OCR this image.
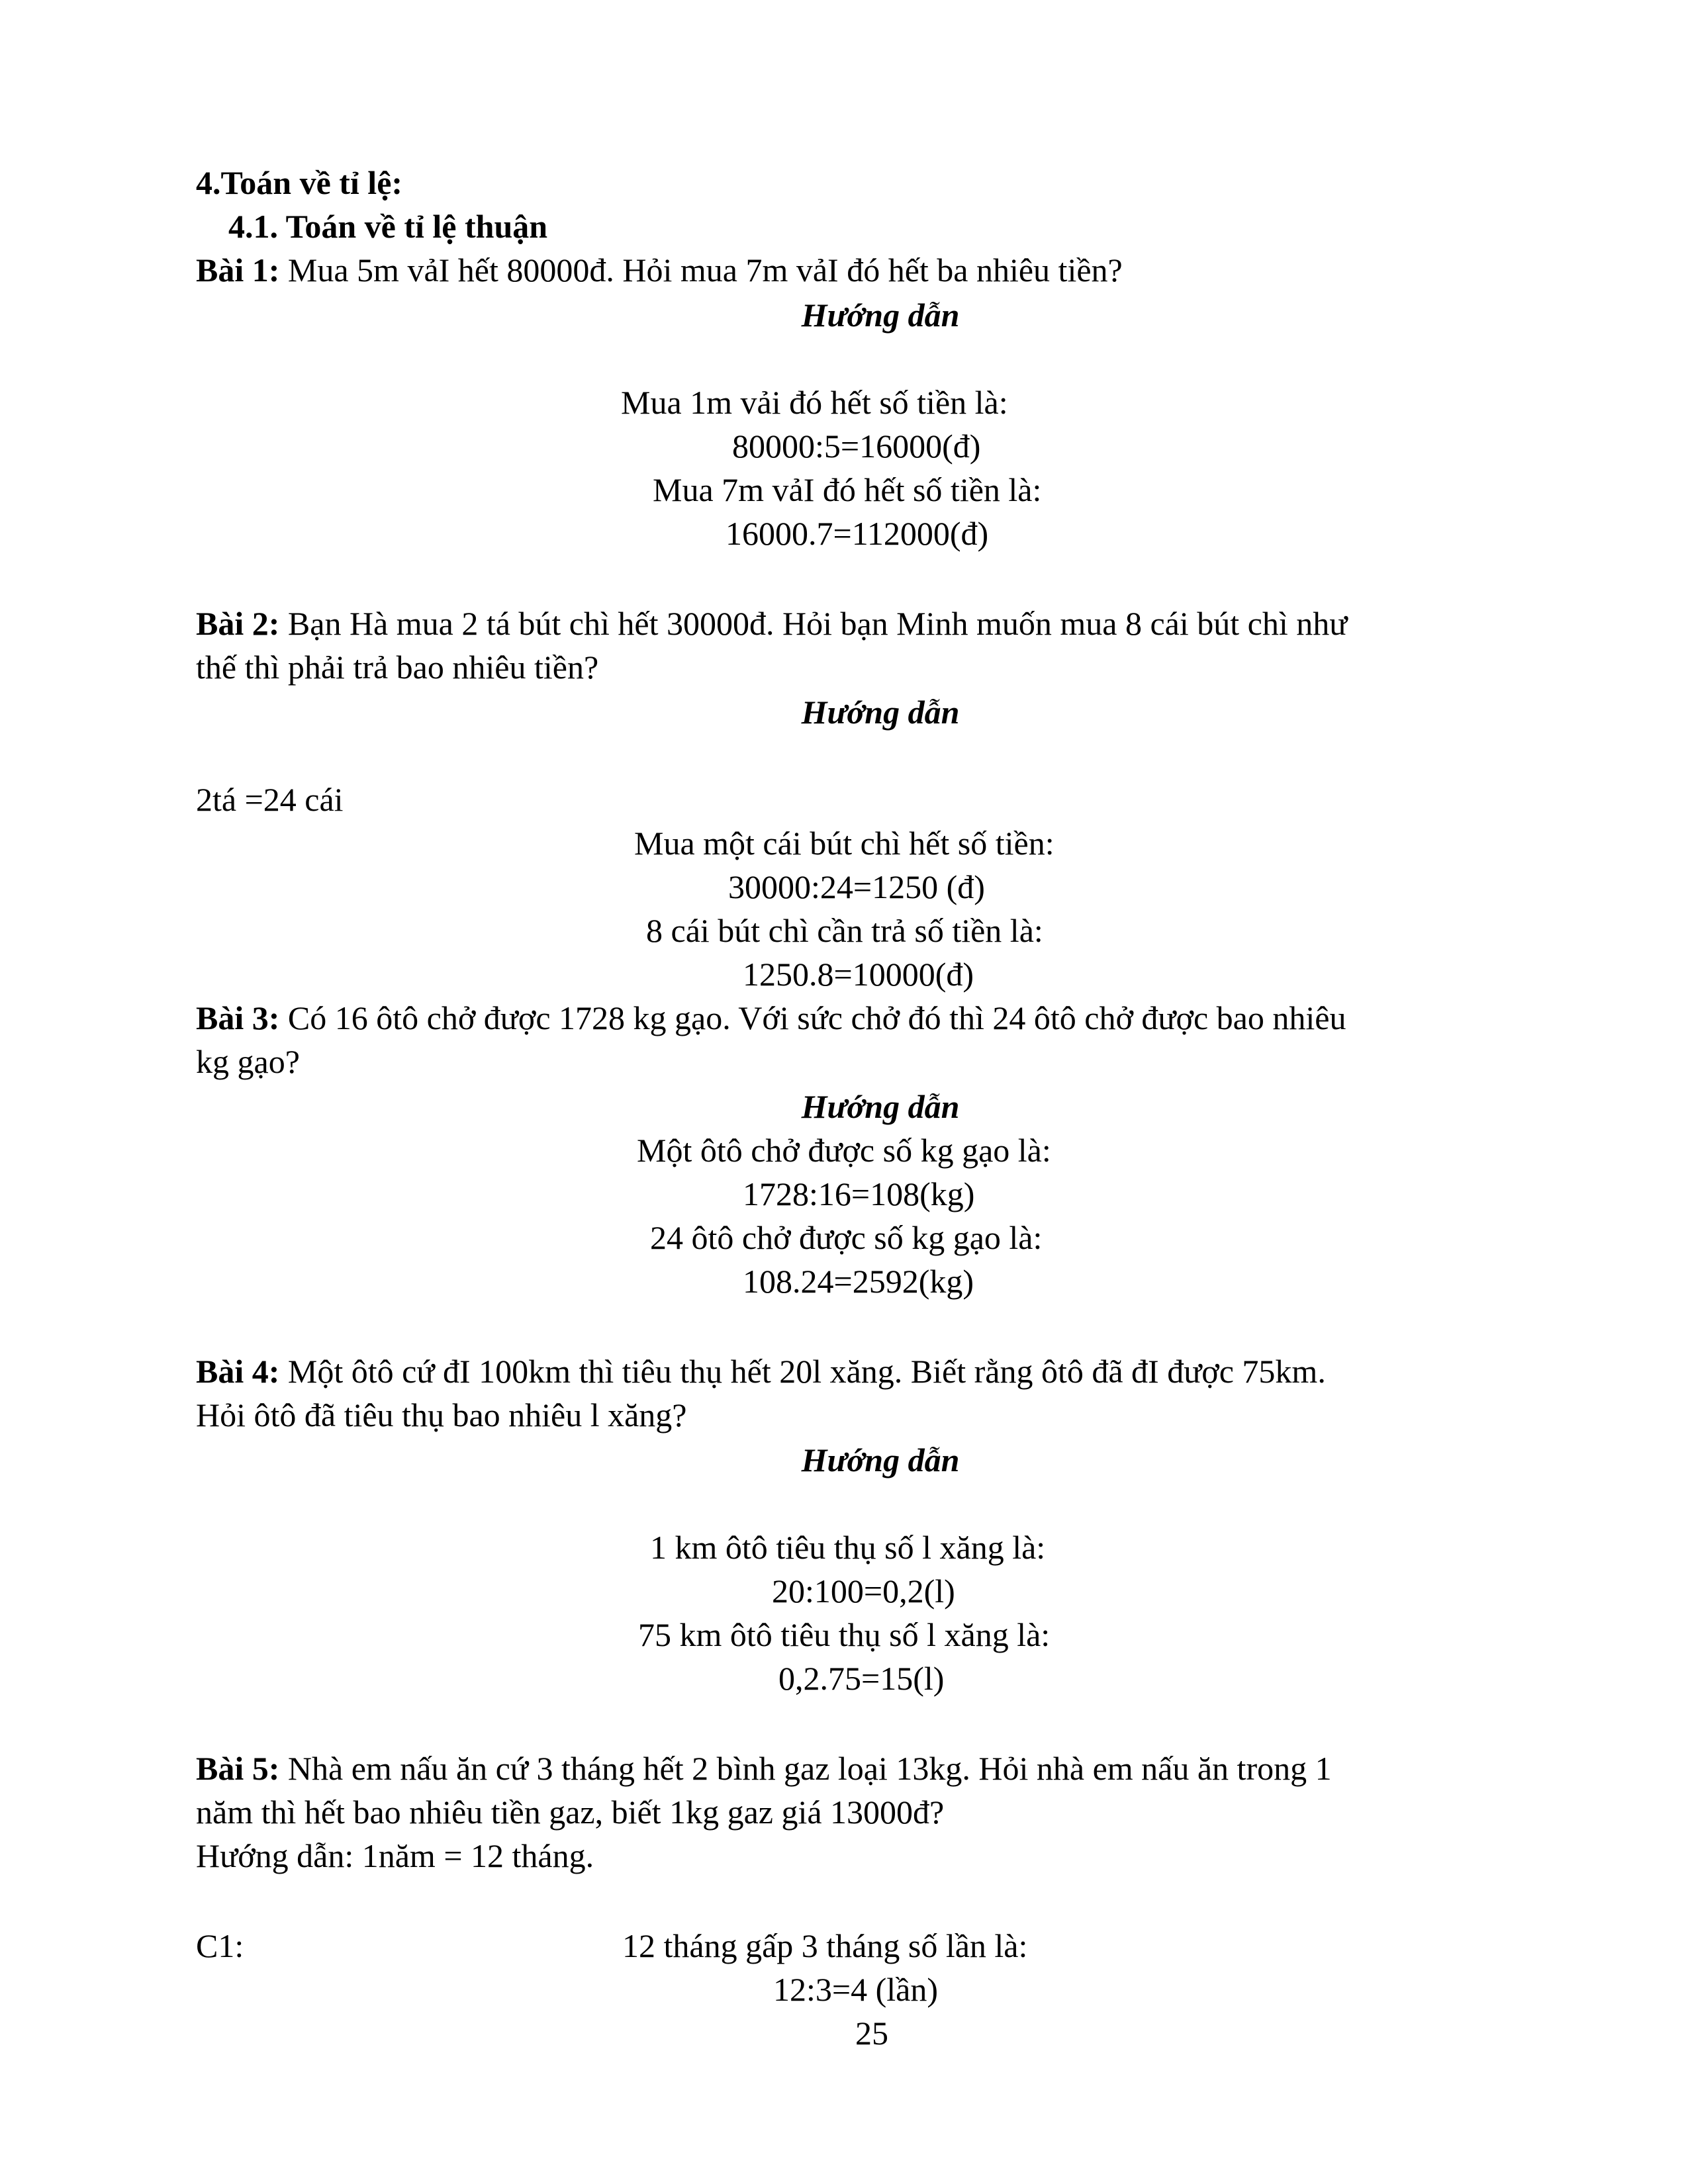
4.Toán về tỉ lệ:
4.1. Toán về tỉ lệ thuận
Bài 1: Mua 5m vảI hết 80000đ. Hỏi mua 7m vảI đó hết ba nhiêu tiền?
Hướng dẫn
Mua 1m vải đó hết số tiền là:
80000:5=16000(đ)
Mua 7m vảI đó hết số tiền là:
16000.7=112000(đ)
Bài 2: Bạn Hà mua 2 tá bút chì hết 30000đ. Hỏi bạn Minh muốn mua 8 cái bút chì như
thế thì phải trả bao nhiêu tiền?
Hướng dẫn
2tá =24 cái
Mua một cái bút chì hết số tiền:
30000:24=1250 (đ)
8 cái bút chì cần trả số tiền là:
1250.8=10000(đ)
Bài 3: Có 16 ôtô chở được 1728 kg gạo. Với sức chở đó thì 24 ôtô chở được bao nhiêu
kg gạo?
Hướng dẫn
Một ôtô chở được số kg gạo là:
1728:16=108(kg)
24 ôtô chở được số kg gạo là:
108.24=2592(kg)
Bài 4: Một ôtô cứ đI 100km thì tiêu thụ hết 20l xăng. Biết rằng ôtô đã đI được 75km.
Hỏi ôtô đã tiêu thụ bao nhiêu l xăng?
Hướng dẫn
1 km ôtô tiêu thụ số l xăng là:
20:100=0,2(l)
75 km ôtô tiêu thụ số l xăng là:
0,2.75=15(l)
Bài 5: Nhà em nấu ăn cứ 3 tháng hết 2 bình gaz loại 13kg. Hỏi nhà em nấu ăn trong 1
năm thì hết bao nhiêu tiền gaz, biết 1kg gaz giá 13000đ?
Hướng dẫn: 1năm = 12 tháng.
C1:	12 tháng gấp 3 tháng số lần là:
12:3=4 (lần)
25
